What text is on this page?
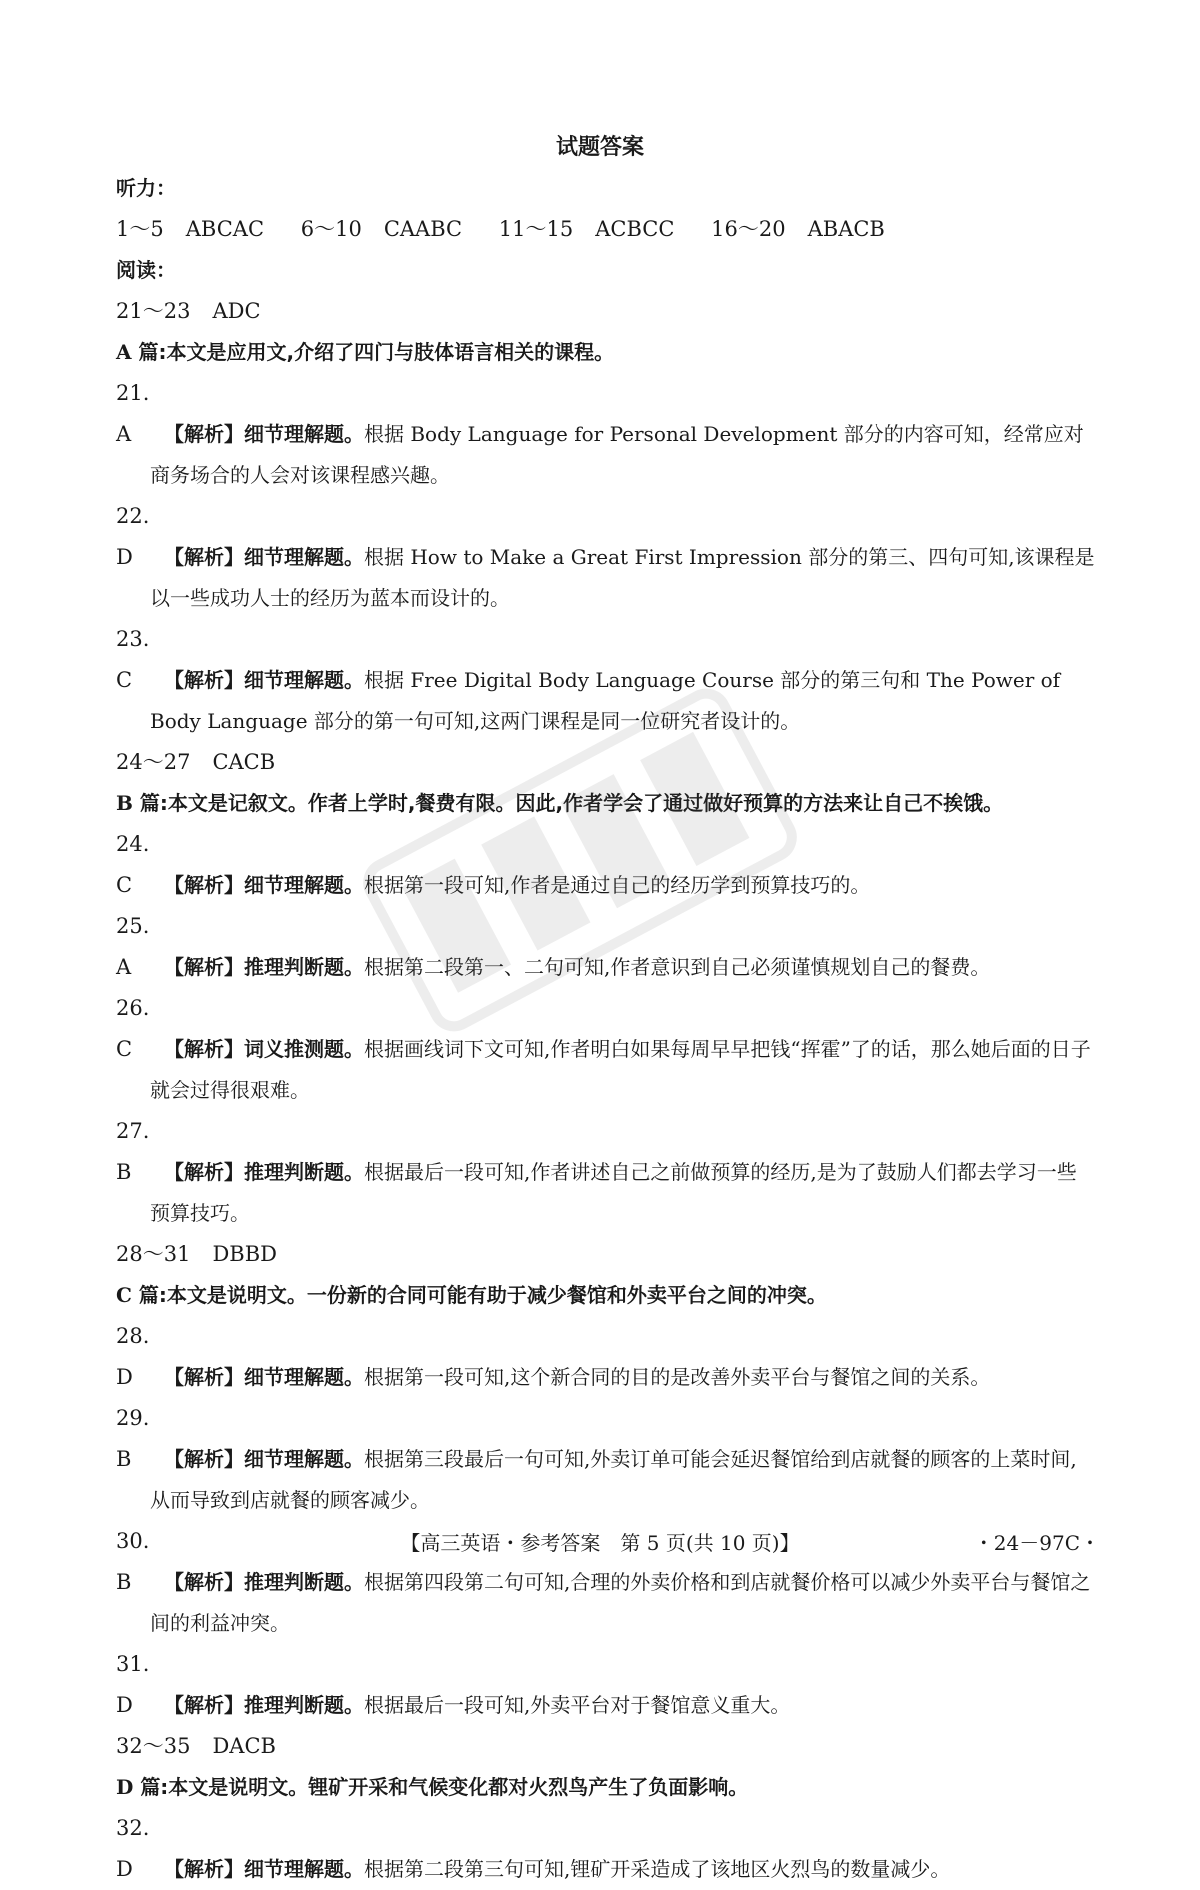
试题答案
听力：
1～5 ABCAC 6～10 CAABC 11～15 ACBCC 16～20 ABACB
阅读：
21～23 ADC
A 篇:本文是应用文,介绍了四门与肢体语言相关的课程。
21. A 【解析】细节理解题。根据 Body Language for Personal Development 部分的内容可知，经常应对商务场合的人会对该课程感兴趣。
22. D 【解析】细节理解题。根据 How to Make a Great First Impression 部分的第三、四句可知,该课程是以一些成功人士的经历为蓝本而设计的。
23. C 【解析】细节理解题。根据 Free Digital Body Language Course 部分的第三句和 The Power of Body Language 部分的第一句可知,这两门课程是同一位研究者设计的。
24～27 CACB
B 篇:本文是记叙文。作者上学时,餐费有限。因此,作者学会了通过做好预算的方法来让自己不挨饿。
24. C 【解析】细节理解题。根据第一段可知,作者是通过自己的经历学到预算技巧的。
25. A 【解析】推理判断题。根据第二段第一、二句可知,作者意识到自己必须谨慎规划自己的餐费。
26. C 【解析】词义推测题。根据画线词下文可知,作者明白如果每周早早把钱“挥霍”了的话，那么她后面的日子就会过得很艰难。
27. B 【解析】推理判断题。根据最后一段可知,作者讲述自己之前做预算的经历,是为了鼓励人们都去学习一些预算技巧。
28～31 DBBD
C 篇:本文是说明文。一份新的合同可能有助于减少餐馆和外卖平台之间的冲突。
28. D 【解析】细节理解题。根据第一段可知,这个新合同的目的是改善外卖平台与餐馆之间的关系。
29. B 【解析】细节理解题。根据第三段最后一句可知,外卖订单可能会延迟餐馆给到店就餐的顾客的上菜时间,从而导致到店就餐的顾客减少。
30. B 【解析】推理判断题。根据第四段第二句可知,合理的外卖价格和到店就餐价格可以减少外卖平台与餐馆之间的利益冲突。
31. D 【解析】推理判断题。根据最后一段可知,外卖平台对于餐馆意义重大。
32～35 DACB
D 篇:本文是说明文。锂矿开采和气候变化都对火烈鸟产生了负面影响。
32. D 【解析】细节理解题。根据第二段第三句可知,锂矿开采造成了该地区火烈鸟的数量减少。
【高三英语・参考答案　第 5 页(共 10 页)】	・24－97C・
